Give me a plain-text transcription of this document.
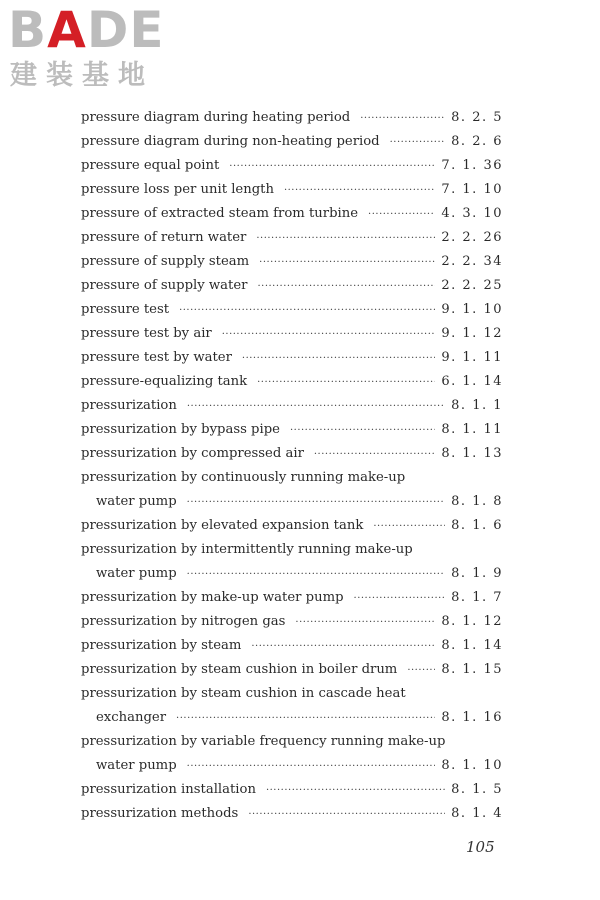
BADE
建装基地
pressure diagram during heating period ·····	8. 2. 5
pressure diagram during non-heating period ·····	8. 2. 6
pressure equal point ·····	7. 1. 36
pressure loss per unit length ·····	7. 1. 10
pressure of extracted steam from turbine ·····	4. 3. 10
pressure of return water ·····	2. 2. 26
pressure of supply steam ·····	2. 2. 34
pressure of supply water ·····	2. 2. 25
pressure test ·····	9. 1. 10
pressure test by air ·····	9. 1. 12
pressure test by water ·····	9. 1. 11
pressure-equalizing tank ·····	6. 1. 14
pressurization ·····	8. 1. 1
pressurization by bypass pipe ·····	8. 1. 11
pressurization by compressed air ·····	8. 1. 13
pressurization by continuously running make-up
water pump ·····	8. 1. 8
pressurization by elevated expansion tank ·····	8. 1. 6
pressurization by intermittently running make-up
water pump ·····	8. 1. 9
pressurization by make-up water pump ·····	8. 1. 7
pressurization by nitrogen gas ·····	8. 1. 12
pressurization by steam ·····	8. 1. 14
pressurization by steam cushion in boiler drum ·····	8. 1. 15
pressurization by steam cushion in cascade heat
exchanger ·····	8. 1. 16
pressurization by variable frequency running make-up
water pump ·····	8. 1. 10
pressurization installation ·····	8. 1. 5
pressurization methods ·····	8. 1. 4
105
